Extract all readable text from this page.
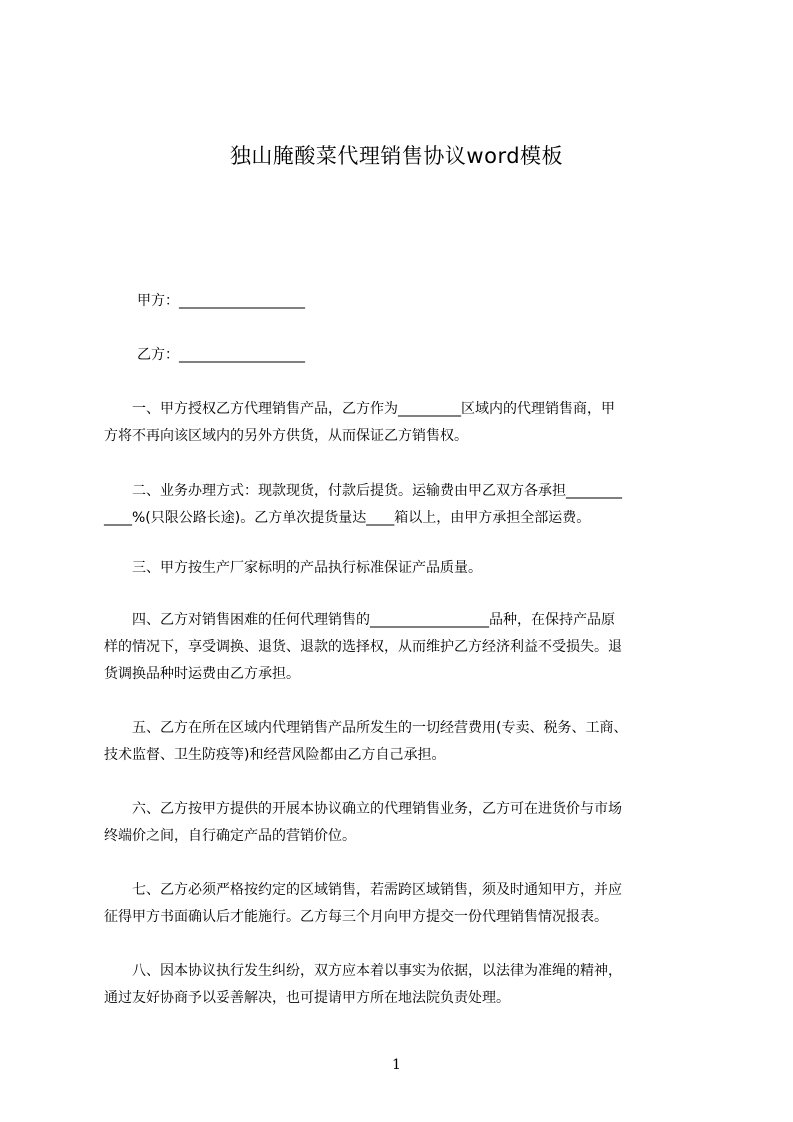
独山腌酸菜代理销售协议word模板
甲方：__________________
乙方：__________________
　　一、甲方授权乙方代理销售产品，乙方作为_________区域内的代理销售商，甲
方将不再向该区域内的另外方供货，从而保证乙方销售权。
　　二、业务办理方式：现款现货，付款后提货。运输费由甲乙双方各承担________
____%(只限公路长途)。乙方单次提货量达____箱以上，由甲方承担全部运费。
　　三、甲方按生产厂家标明的产品执行标准保证产品质量。
　　四、乙方对销售困难的任何代理销售的_________________品种，在保持产品原
样的情况下，享受调换、退货、退款的选择权，从而维护乙方经济利益不受损失。退
货调换品种时运费由乙方承担。
　　五、乙方在所在区域内代理销售产品所发生的一切经营费用(专卖、税务、工商、
技术监督、卫生防疫等)和经营风险都由乙方自己承担。
　　六、乙方按甲方提供的开展本协议确立的代理销售业务，乙方可在进货价与市场
终端价之间，自行确定产品的营销价位。
　　七、乙方必须严格按约定的区域销售，若需跨区域销售，须及时通知甲方，并应
征得甲方书面确认后才能施行。乙方每三个月向甲方提交一份代理销售情况报表。
　　八、因本协议执行发生纠纷，双方应本着以事实为依据，以法律为准绳的精神，
通过友好协商予以妥善解决，也可提请甲方所在地法院负责处理。
1
